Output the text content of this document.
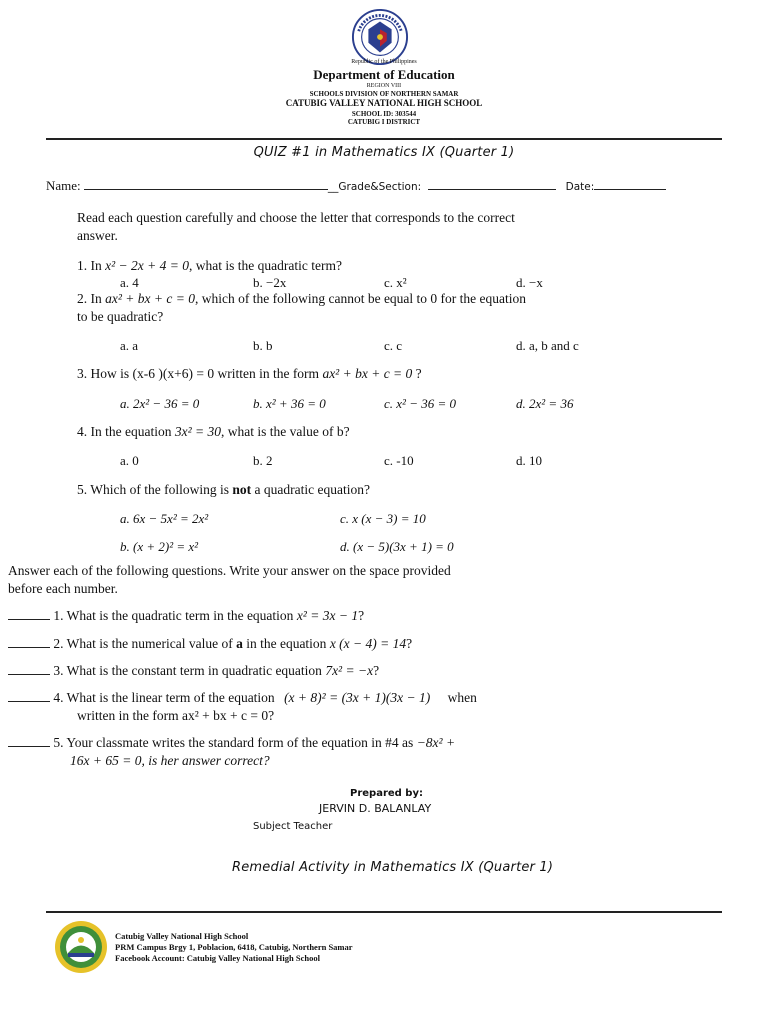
Republic of the Philippines
Department of Education
REGION VIII
SCHOOLS DIVISION OF NORTHERN SAMAR
CATUBIG VALLEY NATIONAL HIGH SCHOOL
SCHOOL ID: 303544
CATUBIG I DISTRICT
QUIZ #1 in Mathematics IX (Quarter 1)
Name:	__Grade&Section:	Date:
Read each question carefully and choose the letter that corresponds to the correct
answer.
1. In x² − 2x + 4 = 0, what is the quadratic term?
a. 4	b. −2x	c. x²	d. −x
2. In ax² + bx + c = 0, which of the following cannot be equal to 0 for the equation
to be quadratic?
a. a	b. b	c. c	d. a, b and c
3. How is (x-6 )(x+6) = 0 written in the form ax² + bx + c = 0 ?
a. 2x² − 36 = 0	b. x² + 36 = 0	c. x² − 36 = 0	d. 2x² = 36
4. In the equation 3x² = 30, what is the value of b?
a. 0	b. 2	c. -10	d. 10
5. Which of the following is not a quadratic equation?
a. 6x − 5x² = 2x²	c. x (x − 3) = 10
b. (x + 2)² = x²	d. (x − 5)(3x + 1) = 0
Answer each of the following questions. Write your answer on the space provided
before each number.
1. What is the quadratic term in the equation x² = 3x − 1?
2. What is the numerical value of a in the equation x (x − 4) = 14?
3. What is the constant term in quadratic equation 7x² = −x?
4. What is the linear term of the equation (x + 8)² = (3x + 1)(3x − 1) when
written in the form ax² + bx + c = 0?
5. Your classmate writes the standard form of the equation in #4 as −8x² +
16x + 65 = 0, is her answer correct?
Prepared by:
JERVIN D. BALANLAY
Subject Teacher
Remedial Activity in Mathematics IX (Quarter 1)
Catubig Valley National High School
PRM Campus Brgy 1, Poblacion, 6418, Catubig, Northern Samar
Facebook Account: Catubig Valley National High School
